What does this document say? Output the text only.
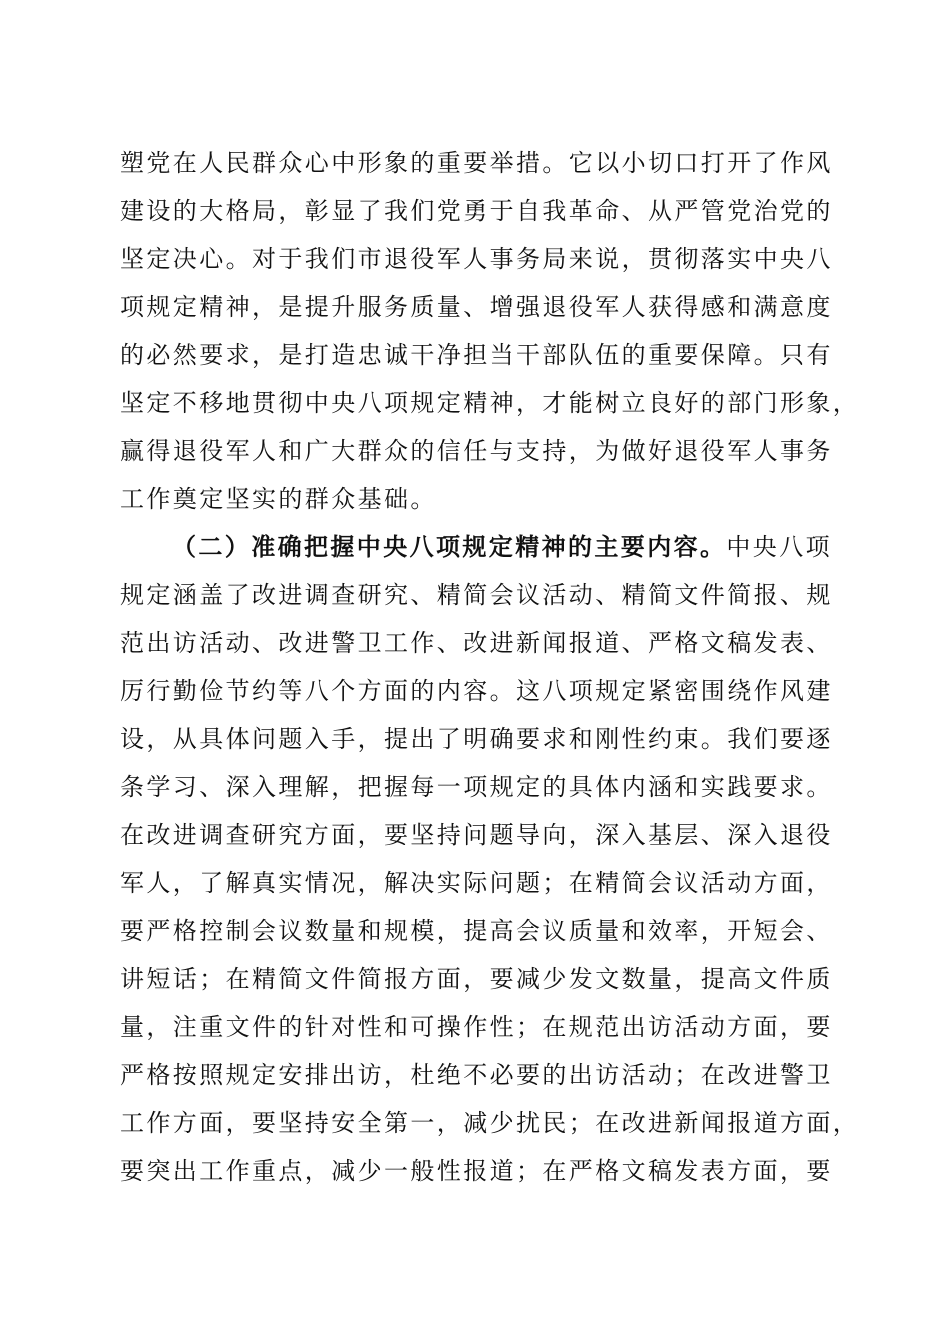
塑党在人民群众心中形象的重要举措。它以小切口打开了作风
建设的大格局，彰显了我们党勇于自我革命、从严管党治党的
坚定决心。对于我们市退役军人事务局来说，贯彻落实中央八
项规定精神，是提升服务质量、增强退役军人获得感和满意度
的必然要求，是打造忠诚干净担当干部队伍的重要保障。只有
坚定不移地贯彻中央八项规定精神，才能树立良好的部门形象，
赢得退役军人和广大群众的信任与支持，为做好退役军人事务
工作奠定坚实的群众基础。
（二）准确把握中央八项规定精神的主要内容。中央八项
规定涵盖了改进调查研究、精简会议活动、精简文件简报、规
范出访活动、改进警卫工作、改进新闻报道、严格文稿发表、
厉行勤俭节约等八个方面的内容。这八项规定紧密围绕作风建
设，从具体问题入手，提出了明确要求和刚性约束。我们要逐
条学习、深入理解，把握每一项规定的具体内涵和实践要求。
在改进调查研究方面，要坚持问题导向，深入基层、深入退役
军人，了解真实情况，解决实际问题；在精简会议活动方面，
要严格控制会议数量和规模，提高会议质量和效率，开短会、
讲短话；在精简文件简报方面，要减少发文数量，提高文件质
量，注重文件的针对性和可操作性；在规范出访活动方面，要
严格按照规定安排出访，杜绝不必要的出访活动；在改进警卫
工作方面，要坚持安全第一，减少扰民；在改进新闻报道方面，
要突出工作重点，减少一般性报道；在严格文稿发表方面，要
